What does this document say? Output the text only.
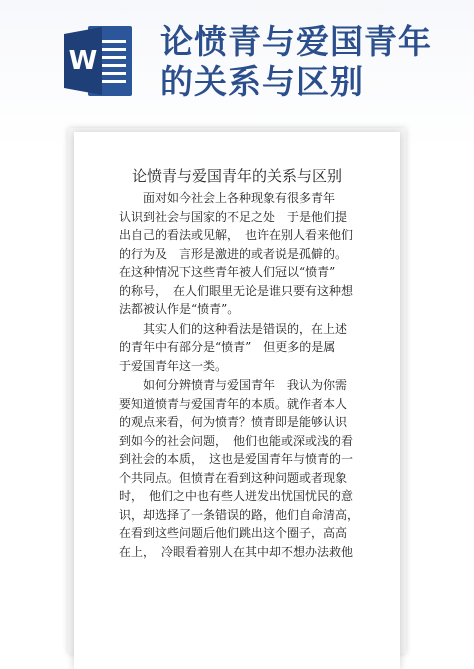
W 论愤青与爱国青年
的关系与区别
论愤青与爱国青年的关系与区别
　　面对如今社会上各种现象有很多青年
认识到社会与国家的不足之处　于是他们提
出自己的看法或见解，　也许在别人看来他们
的行为及　言形是激进的或者说是孤僻的。
在这种情况下这些青年被人们冠以“愤青”
的称号，　在人们眼里无论是谁只要有这种想
法都被认作是“愤青”。
　　其实人们的这种看法是错误的，在上述
的青年中有部分是“愤青”　但更多的是属
于爱国青年这一类。
　　如何分辨愤青与爱国青年　我认为你需
要知道愤青与爱国青年的本质。就作者本人
的观点来看，何为愤青？愤青即是能够认识
到如今的社会问题，　他们也能或深或浅的看
到社会的本质，　这也是爱国青年与愤青的一
个共同点。但愤青在看到这种问题或者现象
时，　他们之中也有些人迸发出忧国忧民的意
识，却选择了一条错误的路，他们自命清高，
在看到这些问题后他们跳出这个圈子，高高
在上，　冷眼看着别人在其中却不想办法救他
